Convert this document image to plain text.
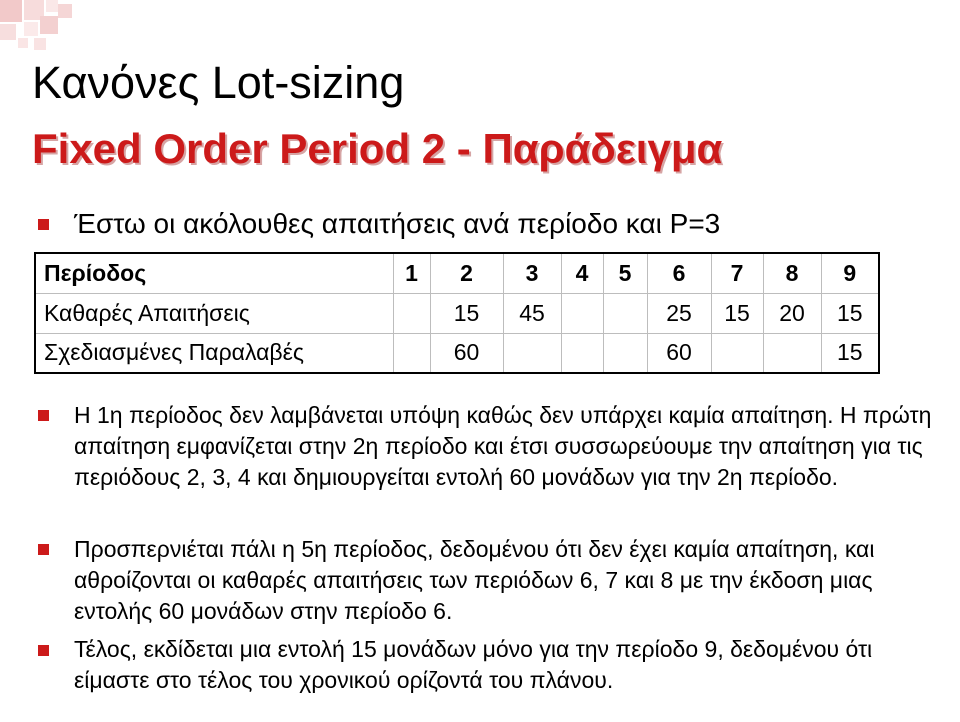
Κανόνες Lot-sizing
Fixed Order Period 2 - Παράδειγμα
Έστω οι ακόλουθες απαιτήσεις ανά περίοδο και P=3
Περίοδος	1	2	3	4	5	6	7	8	9
Καθαρές Απαιτήσεις		15	45			25	15	20	15
Σχεδιασμένες Παραλαβές		60				60			15
Η 1η περίοδος δεν λαμβάνεται υπόψη καθώς δεν υπάρχει καμία απαίτηση. Η πρώτη απαίτηση εμφανίζεται στην 2η περίοδο και έτσι συσσωρεύουμε την απαίτηση για τις περιόδους 2, 3, 4 και δημιουργείται εντολή 60 μονάδων για την 2η περίοδο.
Προσπερνιέται πάλι η 5η περίοδος, δεδομένου ότι δεν έχει καμία απαίτηση, και αθροίζονται οι καθαρές απαιτήσεις των περιόδων 6, 7 και 8 με την έκδοση μιας εντολής 60 μονάδων στην περίοδο 6.
Τέλος, εκδίδεται μια εντολή 15 μονάδων μόνο για την περίοδο 9, δεδομένου ότι είμαστε στο τέλος του χρονικού ορίζοντά του πλάνου.
